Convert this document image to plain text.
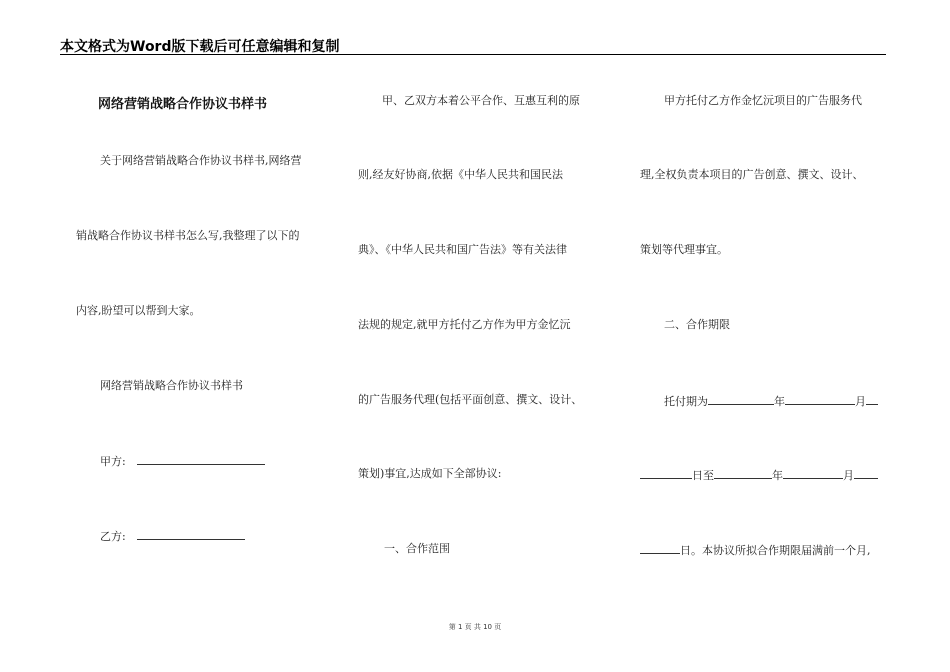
本文格式为Word版下载后可任意编辑和复制
网络营销战略合作协议书样书
关于网络营销战略合作协议书样书,网络营
销战略合作协议书样书怎么写,我整理了以下的
内容,盼望可以帮到大家。
网络营销战略合作协议书样书
甲方:
乙方:
甲、乙双方本着公平合作、互惠互利的原
则,经友好协商,依据《中华人民共和国民法
典》、《中华人民共和国广告法》等有关法律
法规的规定,就甲方托付乙方作为甲方金忆沅
的广告服务代理(包括平面创意、撰文、设计、
策划)事宜,达成如下全部协议:
一、合作范围
甲方托付乙方作金忆沅项目的广告服务代
理,全权负责本项目的广告创意、撰文、设计、
策划等代理事宜。
二、合作期限
托付期为	年	月
日至	年	月
日。本协议所拟合作期限届满前一个月,
第 1 页 共 10 页
